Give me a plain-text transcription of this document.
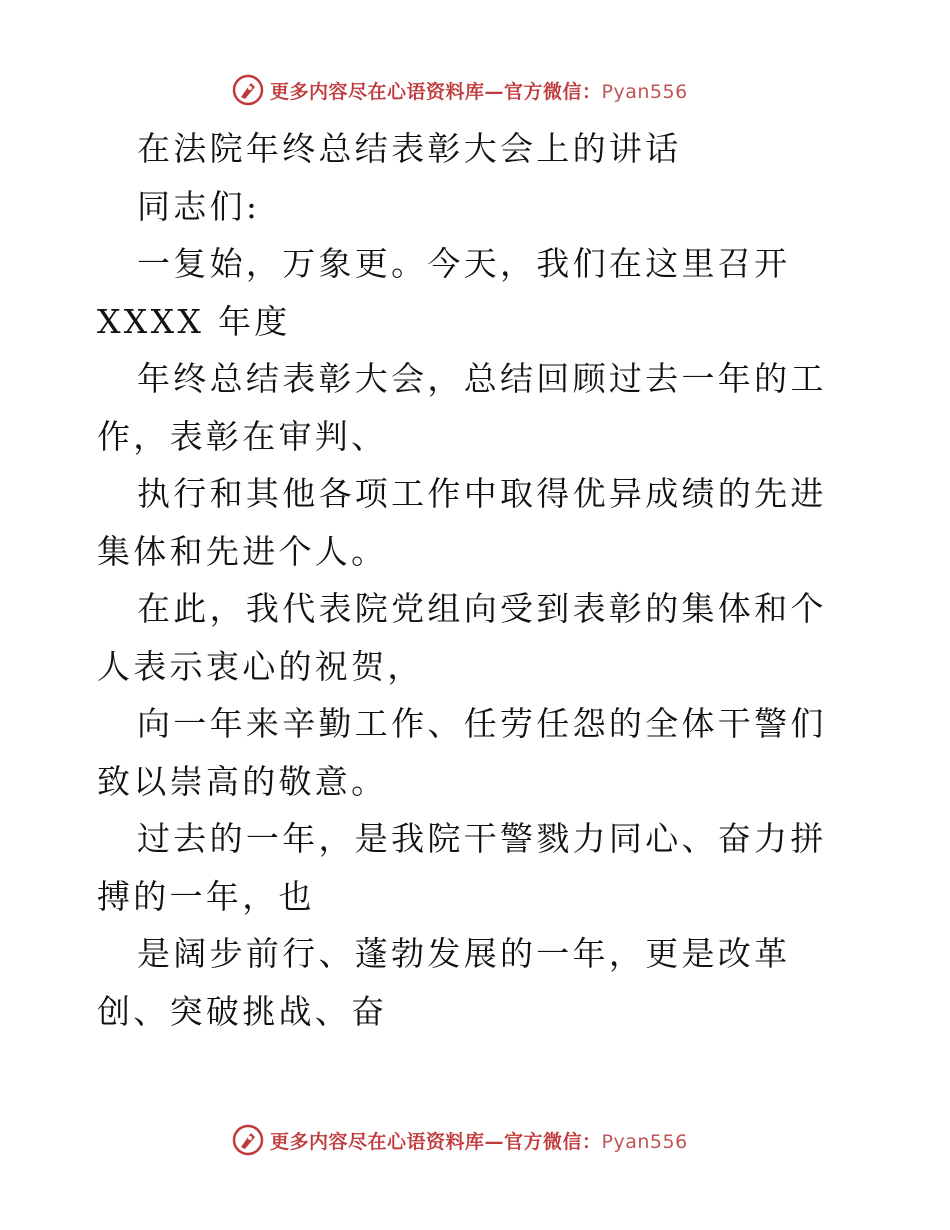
更多内容尽在心语资料库—官方微信：Pyan556

在法院年终总结表彰大会上的讲话

同志们:

一复始，万象更。今天，我们在这里召开 XXXX 年度

年终总结表彰大会，总结回顾过去一年的工作，表彰在审判、

执行和其他各项工作中取得优异成绩的先进集体和先进个人。

在此，我代表院党组向受到表彰的集体和个人表示衷心的祝贺，

向一年来辛勤工作、任劳任怨的全体干警们致以崇高的敬意。

过去的一年，是我院干警戮力同心、奋力拼搏的一年，也

是阔步前行、蓬勃发展的一年，更是改革创、突破挑战、奋

更多内容尽在心语资料库—官方微信：Pyan556
